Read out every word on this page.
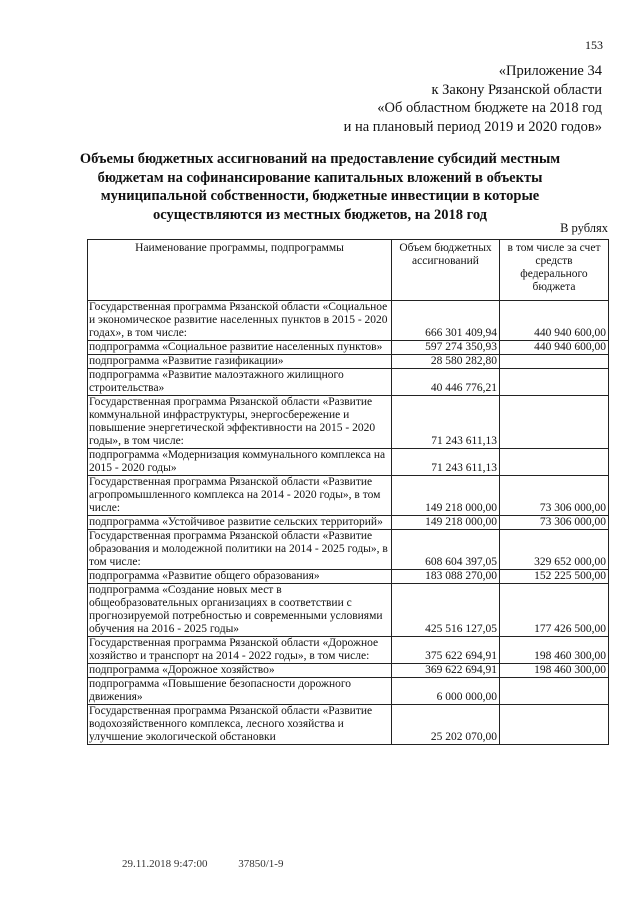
153
«Приложение 34
к Закону Рязанской области
«Об областном бюджете на 2018 год
и на плановый период 2019 и 2020 годов»
Объемы бюджетных ассигнований на предоставление субсидий местным
бюджетам на софинансирование капитальных вложений в объекты
муниципальной собственности, бюджетные инвестиции в которые
осуществляются из местных бюджетов, на 2018 год
В рублях
Наименование программы, подпрограммы	Объем бюджетных ассигнований	в том числе за счет средств федерального бюджета
Государственная программа Рязанской области «Социальное и экономическое развитие населенных пунктов в 2015 - 2020 годах», в том числе:	666 301 409,94	440 940 600,00
подпрограмма «Социальное развитие населенных пунктов»	597 274 350,93	440 940 600,00
подпрограмма «Развитие газификации»	28 580 282,80	
подпрограмма «Развитие малоэтажного жилищного строительства»	40 446 776,21	
Государственная программа Рязанской области «Развитие коммунальной инфраструктуры, энергосбережение и повышение энергетической эффективности на 2015 - 2020 годы», в том числе:	71 243 611,13	
подпрограмма «Модернизация коммунального комплекса на 2015 - 2020 годы»	71 243 611,13	
Государственная программа Рязанской области «Развитие агропромышленного комплекса на 2014 - 2020 годы», в том числе:	149 218 000,00	73 306 000,00
подпрограмма «Устойчивое развитие сельских территорий»	149 218 000,00	73 306 000,00
Государственная программа Рязанской области «Развитие образования и молодежной политики на 2014 - 2025 годы», в том числе:	608 604 397,05	329 652 000,00
подпрограмма «Развитие общего образования»	183 088 270,00	152 225 500,00
подпрограмма «Создание новых мест в общеобразовательных организациях в соответствии с прогнозируемой потребностью и современными условиями обучения на 2016 - 2025 годы»	425 516 127,05	177 426 500,00
Государственная программа Рязанской области «Дорожное хозяйство и транспорт на 2014 - 2022 годы», в том числе:	375 622 694,91	198 460 300,00
подпрограмма «Дорожное хозяйство»	369 622 694,91	198 460 300,00
подпрограмма «Повышение безопасности дорожного движения»	6 000 000,00	
Государственная программа Рязанской области «Развитие водохозяйственного комплекса, лесного хозяйства и улучшение экологической обстановки	25 202 070,00	
29.11.2018 9:47:00	37850/1-9
